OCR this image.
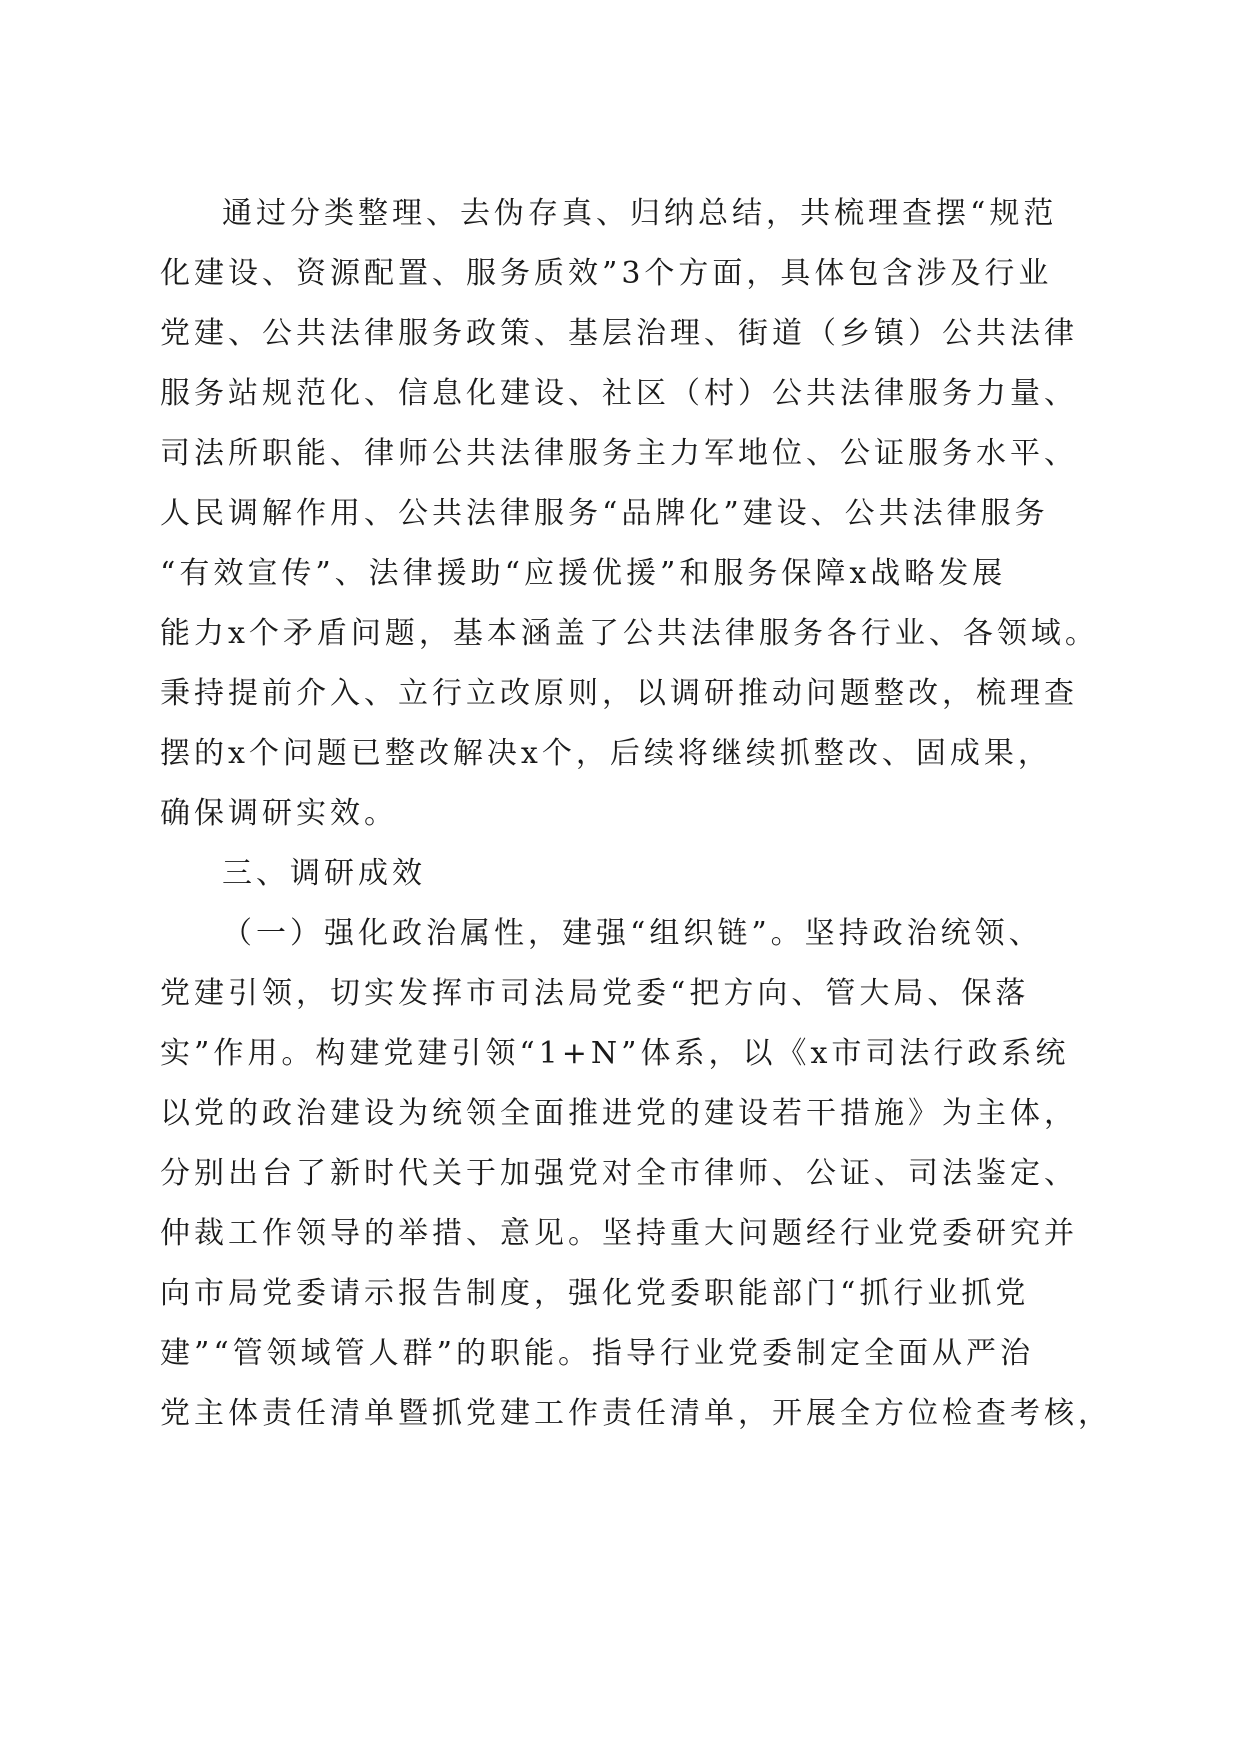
通过分类整理、去伪存真、归纳总结，共梳理查摆“规范
化建设、资源配置、服务质效”3个方面，具体包含涉及行业
党建、公共法律服务政策、基层治理、街道（乡镇）公共法律
服务站规范化、信息化建设、社区（村）公共法律服务力量、
司法所职能、律师公共法律服务主力军地位、公证服务水平、
人民调解作用、公共法律服务“品牌化”建设、公共法律服务
“有效宣传”、法律援助“应援优援”和服务保障x战略发展
能力x个矛盾问题，基本涵盖了公共法律服务各行业、各领域。
秉持提前介入、立行立改原则，以调研推动问题整改，梳理查
摆的x个问题已整改解决x个，后续将继续抓整改、固成果，
确保调研实效。
三、调研成效
（一）强化政治属性，建强“组织链”。坚持政治统领、
党建引领，切实发挥市司法局党委“把方向、管大局、保落
实”作用。构建党建引领“1+N”体系，以《x市司法行政系统
以党的政治建设为统领全面推进党的建设若干措施》为主体，
分别出台了新时代关于加强党对全市律师、公证、司法鉴定、
仲裁工作领导的举措、意见。坚持重大问题经行业党委研究并
向市局党委请示报告制度，强化党委职能部门“抓行业抓党
建”“管领域管人群”的职能。指导行业党委制定全面从严治
党主体责任清单暨抓党建工作责任清单，开展全方位检查考核，
